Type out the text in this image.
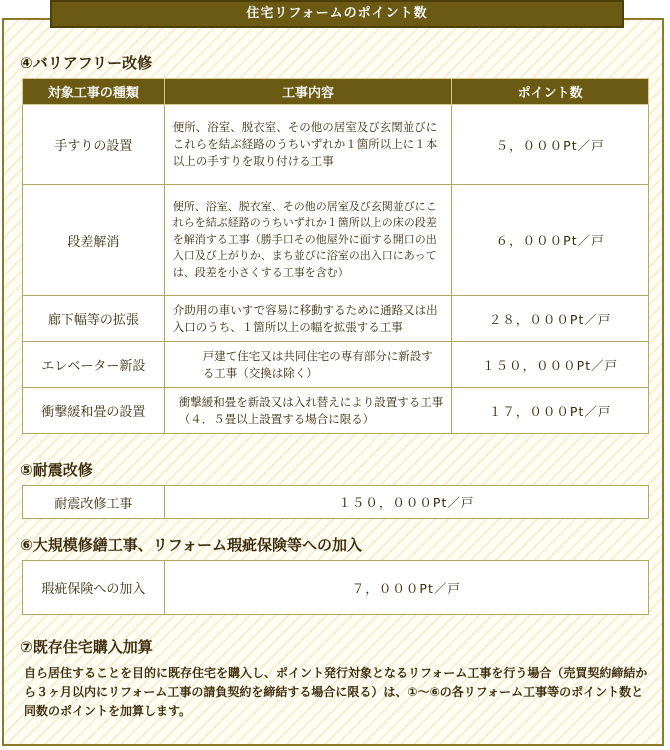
住宅リフォームのポイント数
④バリアフリー改修
対象工事の種類	工事内容	ポイント数
手すりの設置	便所、浴室、脱衣室、その他の居室及び玄関並びにこれらを結ぶ経路のうちいずれか１箇所以上に１本以上の手すりを取り付ける工事	５，０００Pt／戸
段差解消	便所、浴室、脱衣室、その他の居室及び玄関並びにこれらを結ぶ経路のうちいずれか１箇所以上の床の段差を解消する工事（勝手口その他屋外に面する開口の出入口及び上がりか、まち並びに浴室の出入口にあっては、段差を小さくする工事を含む）	６，０００Pt／戸
廊下幅等の拡張	介助用の車いすで容易に移動するために通路又は出入口のうち、１箇所以上の幅を拡張する工事	２８，０００Pt／戸
エレベーター新設	戸建て住宅又は共同住宅の専有部分に新設する工事（交換は除く）	１５０，０００Pt／戸
衝撃緩和畳の設置	衝撃緩和畳を新設又は入れ替えにより設置する工事（４．５畳以上設置する場合に限る）	１７，０００Pt／戸
⑤耐震改修
耐震改修工事	１５０，０００Pt／戸
⑥大規模修繕工事、リフォーム瑕疵保険等への加入
瑕疵保険への加入	７，０００Pt／戸
⑦既存住宅購入加算
自ら居住することを目的に既存住宅を購入し、ポイント発行対象となるリフォーム工事を行う場合（売買契約締結から３ヶ月以内にリフォーム工事の請負契約を締結する場合に限る）は、①～⑥の各リフォーム工事等のポイント数と同数のポイントを加算します。
